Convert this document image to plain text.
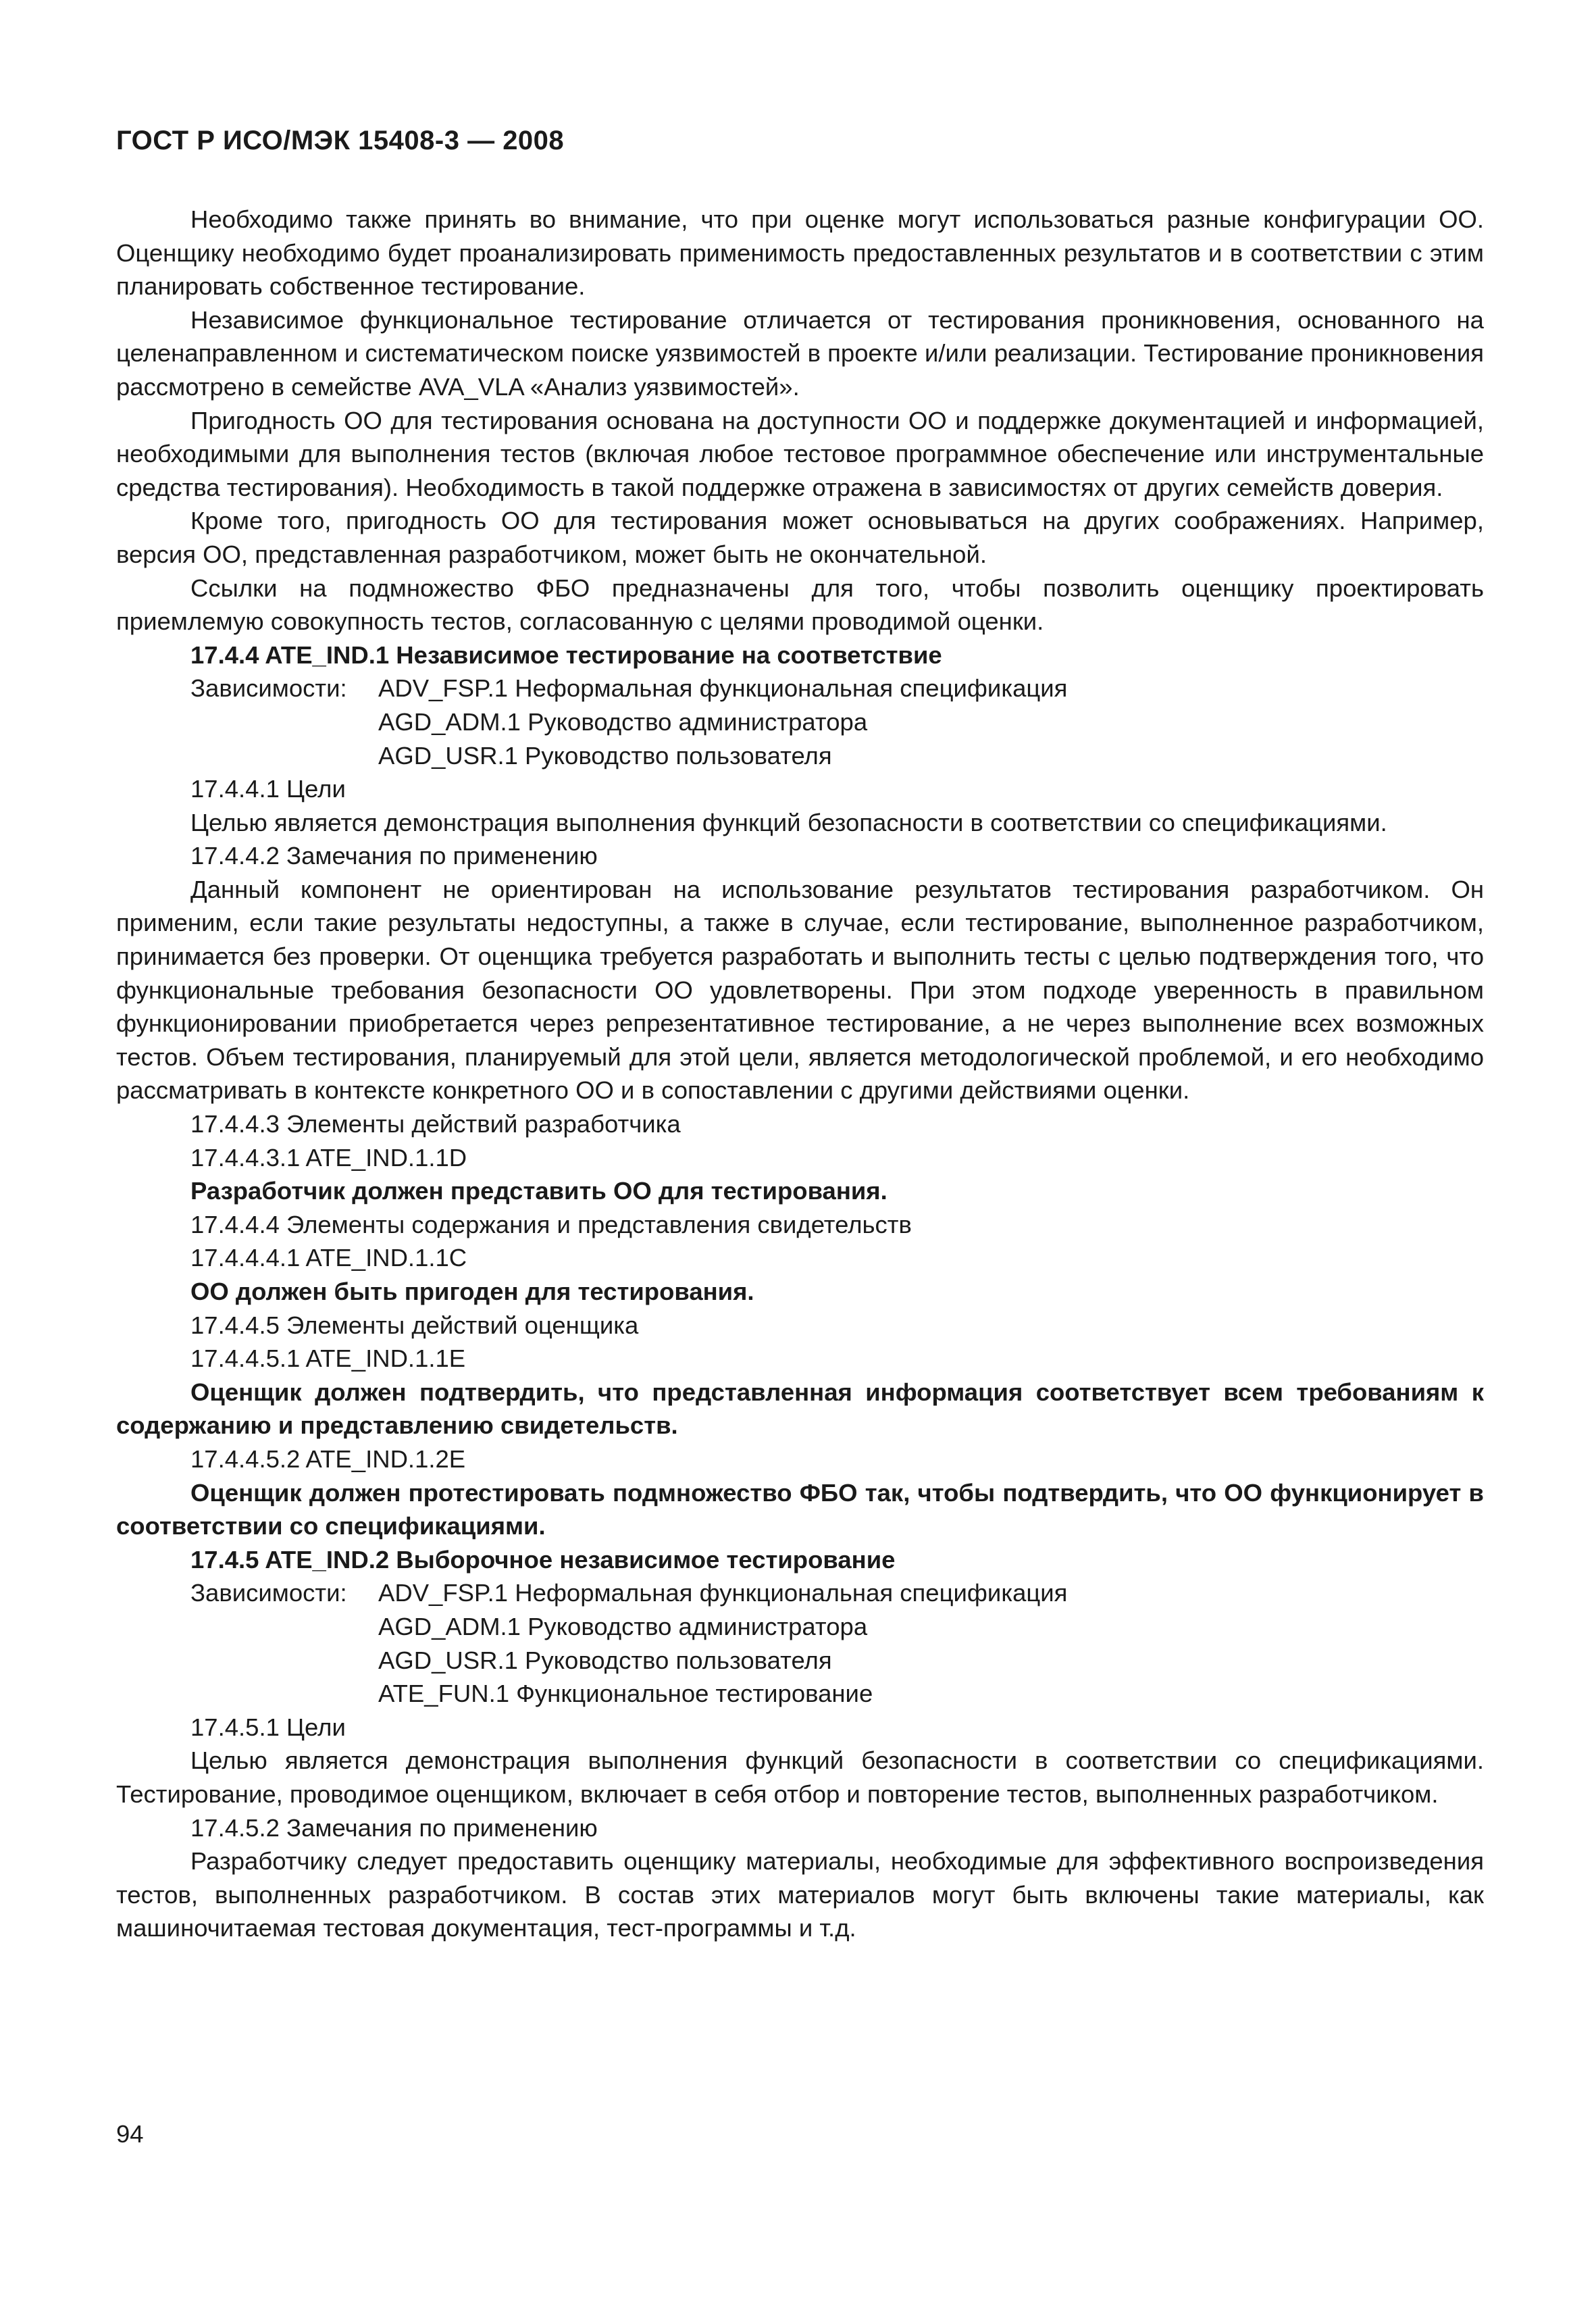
ГОСТ Р ИСО/МЭК 15408-3 — 2008

Необходимо также принять во внимание, что при оценке могут использоваться разные конфигурации ОО. Оценщику необходимо будет проанализировать применимость предоставленных результатов и в соответствии с этим планировать собственное тестирование.

Независимое функциональное тестирование отличается от тестирования проникновения, основанного на целенаправленном и систематическом поиске уязвимостей в проекте и/или реализации. Тестирование проникновения рассмотрено в семействе AVA_VLA «Анализ уязвимостей».

Пригодность ОО для тестирования основана на доступности ОО и поддержке документацией и информацией, необходимыми для выполнения тестов (включая любое тестовое программное обеспечение или инструментальные средства тестирования). Необходимость в такой поддержке отражена в зависимостях от других семейств доверия.

Кроме того, пригодность ОО для тестирования может основываться на других соображениях. Например, версия ОО, представленная разработчиком, может быть не окончательной.

Ссылки на подмножество ФБО предназначены для того, чтобы позволить оценщику проектировать приемлемую совокупность тестов, согласованную с целями проводимой оценки.

17.4.4 ATE_IND.1 Независимое тестирование на соответствие

Зависимости:	ADV_FSP.1 Неформальная функциональная спецификация
AGD_ADM.1 Руководство администратора
AGD_USR.1 Руководство пользователя

17.4.4.1 Цели

Целью является демонстрация выполнения функций безопасности в соответствии со спецификациями.

17.4.4.2 Замечания по применению

Данный компонент не ориентирован на использование результатов тестирования разработчиком. Он применим, если такие результаты недоступны, а также в случае, если тестирование, выполненное разработчиком, принимается без проверки. От оценщика требуется разработать и выполнить тесты с целью подтверждения того, что функциональные требования безопасности ОО удовлетворены. При этом подходе уверенность в правильном функционировании приобретается через репрезентативное тестирование, а не через выполнение всех возможных тестов. Объем тестирования, планируемый для этой цели, является методологической проблемой, и его необходимо рассматривать в контексте конкретного ОО и в сопоставлении с другими действиями оценки.

17.4.4.3 Элементы действий разработчика

17.4.4.3.1 ATE_IND.1.1D

Разработчик должен представить ОО для тестирования.

17.4.4.4 Элементы содержания и представления свидетельств

17.4.4.4.1 ATE_IND.1.1C

ОО должен быть пригоден для тестирования.

17.4.4.5 Элементы действий оценщика

17.4.4.5.1 ATE_IND.1.1E

Оценщик должен подтвердить, что представленная информация соответствует всем требованиям к содержанию и представлению свидетельств.

17.4.4.5.2 ATE_IND.1.2E

Оценщик должен протестировать подмножество ФБО так, чтобы подтвердить, что ОО функционирует в соответствии со спецификациями.

17.4.5 ATE_IND.2 Выборочное независимое тестирование

Зависимости:	ADV_FSP.1 Неформальная функциональная спецификация
AGD_ADM.1 Руководство администратора
AGD_USR.1 Руководство пользователя
ATE_FUN.1 Функциональное тестирование

17.4.5.1 Цели

Целью является демонстрация выполнения функций безопасности в соответствии со спецификациями. Тестирование, проводимое оценщиком, включает в себя отбор и повторение тестов, выполненных разработчиком.

17.4.5.2 Замечания по применению

Разработчику следует предоставить оценщику материалы, необходимые для эффективного воспроизведения тестов, выполненных разработчиком. В состав этих материалов могут быть включены такие материалы, как машиночитаемая тестовая документация, тест-программы и т.д.

94
